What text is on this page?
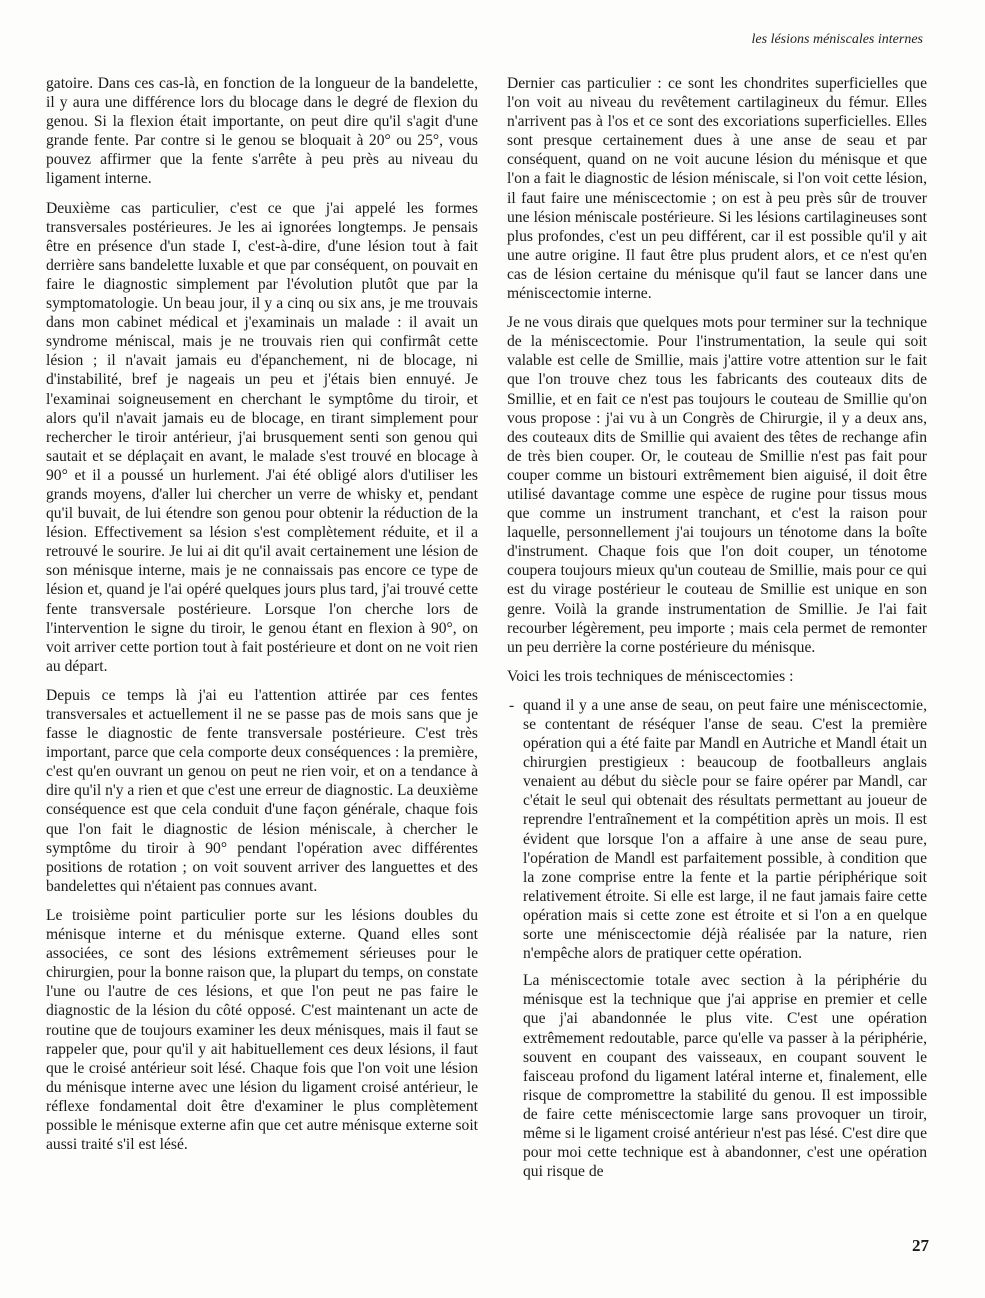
les lésions méniscales internes

gatoire. Dans ces cas-là, en fonction de la longueur de la bandelette, il y aura une différence lors du blocage dans le degré de flexion du genou. Si la flexion était importante, on peut dire qu'il s'agit d'une grande fente. Par contre si le genou se bloquait à 20° ou 25°, vous pouvez affirmer que la fente s'arrête à peu près au niveau du ligament interne.

Deuxième cas particulier, c'est ce que j'ai appelé les formes transversales postérieures. Je les ai ignorées longtemps. Je pensais être en présence d'un stade I, c'est-à-dire, d'une lésion tout à fait derrière sans bandelette luxable et que par conséquent, on pouvait en faire le diagnostic simplement par l'évolution plutôt que par la symptomatologie. Un beau jour, il y a cinq ou six ans, je me trouvais dans mon cabinet médical et j'examinais un malade : il avait un syndrome méniscal, mais je ne trouvais rien qui confirmât cette lésion ; il n'avait jamais eu d'épanchement, ni de blocage, ni d'instabilité, bref je nageais un peu et j'étais bien ennuyé. Je l'examinai soigneusement en cherchant le symptôme du tiroir, et alors qu'il n'avait jamais eu de blocage, en tirant simplement pour rechercher le tiroir antérieur, j'ai brusquement senti son genou qui sautait et se déplaçait en avant, le malade s'est trouvé en blocage à 90° et il a poussé un hurlement. J'ai été obligé alors d'utiliser les grands moyens, d'aller lui chercher un verre de whisky et, pendant qu'il buvait, de lui étendre son genou pour obtenir la réduction de la lésion. Effectivement sa lésion s'est complètement réduite, et il a retrouvé le sourire. Je lui ai dit qu'il avait certainement une lésion de son ménisque interne, mais je ne connaissais pas encore ce type de lésion et, quand je l'ai opéré quelques jours plus tard, j'ai trouvé cette fente transversale postérieure. Lorsque l'on cherche lors de l'intervention le signe du tiroir, le genou étant en flexion à 90°, on voit arriver cette portion tout à fait postérieure et dont on ne voit rien au départ.

Depuis ce temps là j'ai eu l'attention attirée par ces fentes transversales et actuellement il ne se passe pas de mois sans que je fasse le diagnostic de fente transversale postérieure. C'est très important, parce que cela comporte deux conséquences : la première, c'est qu'en ouvrant un genou on peut ne rien voir, et on a tendance à dire qu'il n'y a rien et que c'est une erreur de diagnostic. La deuxième conséquence est que cela conduit d'une façon générale, chaque fois que l'on fait le diagnostic de lésion méniscale, à chercher le symptôme du tiroir à 90° pendant l'opération avec différentes positions de rotation ; on voit souvent arriver des languettes et des bandelettes qui n'étaient pas connues avant.

Le troisième point particulier porte sur les lésions doubles du ménisque interne et du ménisque externe. Quand elles sont associées, ce sont des lésions extrêmement sérieuses pour le chirurgien, pour la bonne raison que, la plupart du temps, on constate l'une ou l'autre de ces lésions, et que l'on peut ne pas faire le diagnostic de la lésion du côté opposé. C'est maintenant un acte de routine que de toujours examiner les deux ménisques, mais il faut se rappeler que, pour qu'il y ait habituellement ces deux lésions, il faut que le croisé antérieur soit lésé. Chaque fois que l'on voit une lésion du ménisque interne avec une lésion du ligament croisé antérieur, le réflexe fondamental doit être d'examiner le plus complètement possible le ménisque externe afin que cet autre ménisque externe soit aussi traité s'il est lésé.

Dernier cas particulier : ce sont les chondrites superficielles que l'on voit au niveau du revêtement cartilagineux du fémur. Elles n'arrivent pas à l'os et ce sont des excoriations superficielles. Elles sont presque certainement dues à une anse de seau et par conséquent, quand on ne voit aucune lésion du ménisque et que l'on a fait le diagnostic de lésion méniscale, si l'on voit cette lésion, il faut faire une méniscectomie ; on est à peu près sûr de trouver une lésion méniscale postérieure. Si les lésions cartilagineuses sont plus profondes, c'est un peu différent, car il est possible qu'il y ait une autre origine. Il faut être plus prudent alors, et ce n'est qu'en cas de lésion certaine du ménisque qu'il faut se lancer dans une méniscectomie interne.

Je ne vous dirais que quelques mots pour terminer sur la technique de la méniscectomie. Pour l'instrumentation, la seule qui soit valable est celle de Smillie, mais j'attire votre attention sur le fait que l'on trouve chez tous les fabricants des couteaux dits de Smillie, et en fait ce n'est pas toujours le couteau de Smillie qu'on vous propose : j'ai vu à un Congrès de Chirurgie, il y a deux ans, des couteaux dits de Smillie qui avaient des têtes de rechange afin de très bien couper. Or, le couteau de Smillie n'est pas fait pour couper comme un bistouri extrêmement bien aiguisé, il doit être utilisé davantage comme une espèce de rugine pour tissus mous que comme un instrument tranchant, et c'est la raison pour laquelle, personnellement j'ai toujours un ténotome dans la boîte d'instrument. Chaque fois que l'on doit couper, un ténotome coupera toujours mieux qu'un couteau de Smillie, mais pour ce qui est du virage postérieur le couteau de Smillie est unique en son genre. Voilà la grande instrumentation de Smillie. Je l'ai fait recourber légèrement, peu importe ; mais cela permet de remonter un peu derrière la corne postérieure du ménisque.

Voici les trois techniques de méniscectomies :

- quand il y a une anse de seau, on peut faire une méniscectomie, se contentant de réséquer l'anse de seau. C'est la première opération qui a été faite par Mandl en Autriche et Mandl était un chirurgien prestigieux : beaucoup de footballeurs anglais venaient au début du siècle pour se faire opérer par Mandl, car c'était le seul qui obtenait des résultats permettant au joueur de reprendre l'entraînement et la compétition après un mois. Il est évident que lorsque l'on a affaire à une anse de seau pure, l'opération de Mandl est parfaitement possible, à condition que la zone comprise entre la fente et la partie périphérique soit relativement étroite. Si elle est large, il ne faut jamais faire cette opération mais si cette zone est étroite et si l'on a en quelque sorte une méniscectomie déjà réalisée par la nature, rien n'empêche alors de pratiquer cette opération.

La méniscectomie totale avec section à la périphérie du ménisque est la technique que j'ai apprise en premier et celle que j'ai abandonnée le plus vite. C'est une opération extrêmement redoutable, parce qu'elle va passer à la périphérie, souvent en coupant des vaisseaux, en coupant souvent le faisceau profond du ligament latéral interne et, finalement, elle risque de compromettre la stabilité du genou. Il est impossible de faire cette méniscectomie large sans provoquer un tiroir, même si le ligament croisé antérieur n'est pas lésé. C'est dire que pour moi cette technique est à abandonner, c'est une opération qui risque de

27
